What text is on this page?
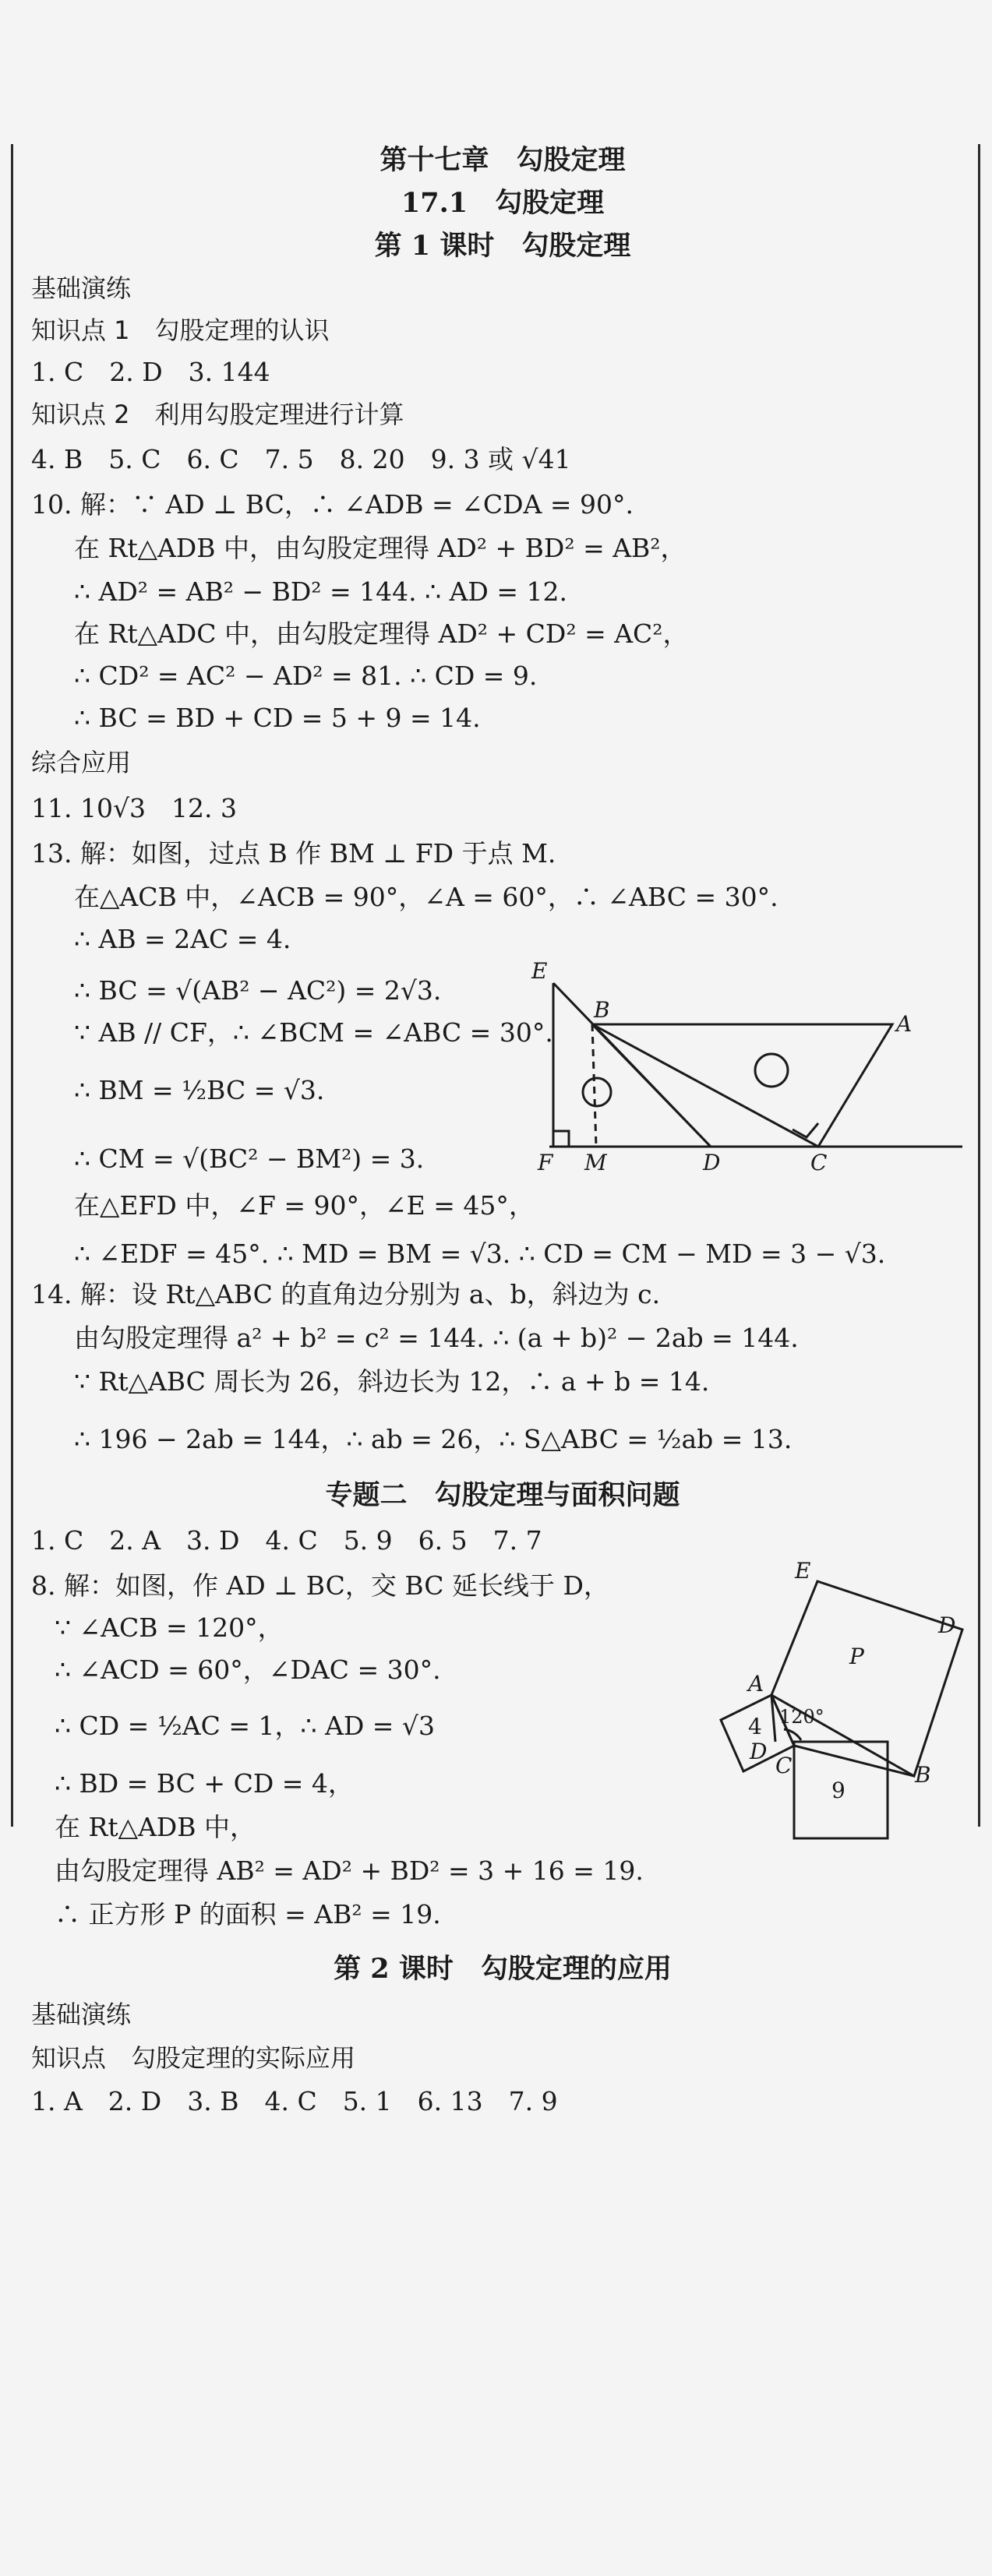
第十七章　勾股定理
17.1　勾股定理
第 1 课时　勾股定理
基础演练
知识点 1　勾股定理的认识
1. C　2. D　3. 144
知识点 2　利用勾股定理进行计算
4. B　5. C　6. C　7. 5　8. 20　9. 3 或 √41
10. 解：∵ AD ⊥ BC，∴ ∠ADB = ∠CDA = 90°.
在 Rt△ADB 中，由勾股定理得 AD² + BD² = AB²，
∴ AD² = AB² − BD² = 144. ∴ AD = 12.
在 Rt△ADC 中，由勾股定理得 AD² + CD² = AC²，
∴ CD² = AC² − AD² = 81. ∴ CD = 9.
∴ BC = BD + CD = 5 + 9 = 14.
综合应用
11. 10√3　12. 3
13. 解：如图，过点 B 作 BM ⊥ FD 于点 M.
在△ACB 中，∠ACB = 90°，∠A = 60°，∴ ∠ABC = 30°.
∴ AB = 2AC = 4.
∴ BC = √(AB² − AC²) = 2√3.
∵ AB // CF，∴ ∠BCM = ∠ABC = 30°.
∴ BM = ½BC = √3.
∴ CM = √(BC² − BM²) = 3.
在△EFD 中，∠F = 90°，∠E = 45°，
∴ ∠EDF = 45°. ∴ MD = BM = √3. ∴ CD = CM − MD = 3 − √3.
E
B
A
F M	D	C
14. 解：设 Rt△ABC 的直角边分别为 a、b，斜边为 c.
由勾股定理得 a² + b² = c² = 144. ∴ (a + b)² − 2ab = 144.
∵ Rt△ABC 周长为 26，斜边长为 12，∴ a + b = 14.
∴ 196 − 2ab = 144，∴ ab = 26，∴ S△ABC = ½ab = 13.
专题二　勾股定理与面积问题
1. C　2. A　3. D　4. C　5. 9　6. 5　7. 7
8. 解：如图，作 AD ⊥ BC，交 BC 延长线于 D，
∵ ∠ACB = 120°，
∴ ∠ACD = 60°，∠DAC = 30°.
∴ CD = ½AC = 1，∴ AD = √3
∴ BD = BC + CD = 4，
在 Rt△ADB 中，
由勾股定理得 AB² = AD² + BD² = 3 + 16 = 19.
∴ 正方形 P 的面积 = AB² = 19.
E
D
P
A
4 120°
D
C	B
9
第 2 课时　勾股定理的应用
基础演练
知识点　勾股定理的实际应用
1. A　2. D　3. B　4. C　5. 1　6. 13　7. 9
